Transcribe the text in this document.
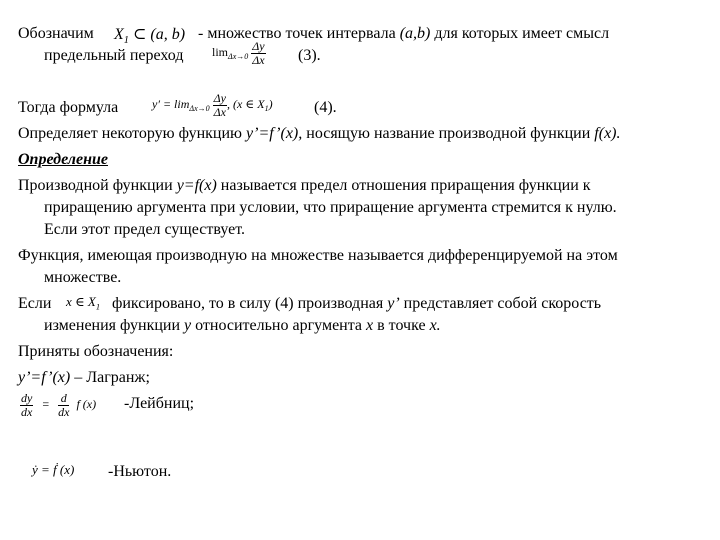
Обозначим $X_1$ ⊂ (a, b) - множество точек интервала (a,b) для которых имеет смысл
предельный переход $\lim_{\Delta x\to 0} \frac{\Delta y}{\Delta x} (3)$.
Тогда формула	$y' = \lim_{\Delta x\to 0} \frac{\Delta y}{\Delta x}$ , (x ∈ $X_1$)	(4).
Определяет некоторую функцию y’=f’(x), носящую название производной функции f(x).
Определение
Производной функции y=f(x) называется предел отношения приращения функции к
приращению аргумента при условии, что приращение аргумента стремится к нулю.
Если этот предел существует.
Функция, имеющая производную на множестве называется дифференцируемой на этом
множестве.
Если x ∈ $X_1$ фиксировано, то в силу (4) производная y’ представляет собой скорость
изменения функции y относительно аргумента x в точке x.
Приняты обозначения:
y’=f’(x) – Лагранж;
$\frac{dy}{dx} = \frac{d}{dx}$ f (x) -Лейбниц;
ẏ = ḟ (x) -Ньютон.
